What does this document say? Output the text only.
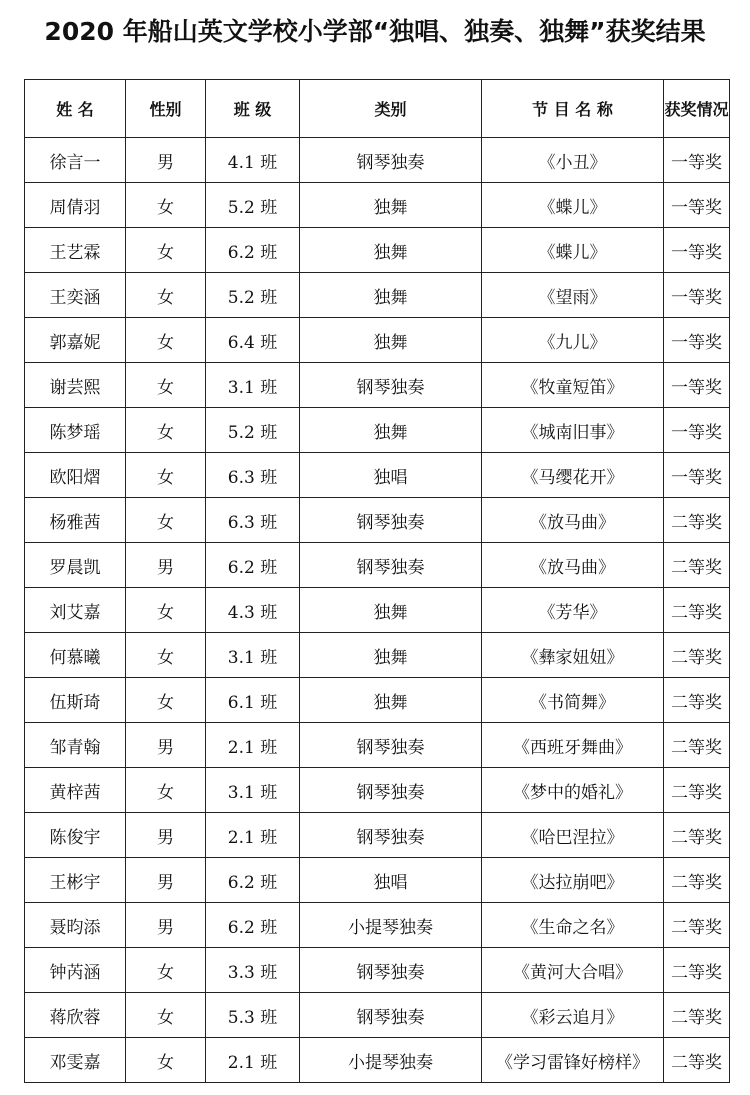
2020 年船山英文学校小学部“独唱、独奏、独舞”获奖结果
姓 名	性别	班 级	类别	节 目 名 称	获奖情况
徐言一	男	4.1 班	钢琴独奏	《小丑》	一等奖
周倩羽	女	5.2 班	独舞	《蝶儿》	一等奖
王艺霖	女	6.2 班	独舞	《蝶儿》	一等奖
王奕涵	女	5.2 班	独舞	《望雨》	一等奖
郭嘉妮	女	6.4 班	独舞	《九儿》	一等奖
谢芸熙	女	3.1 班	钢琴独奏	《牧童短笛》	一等奖
陈梦瑶	女	5.2 班	独舞	《城南旧事》	一等奖
欧阳熠	女	6.3 班	独唱	《马缨花开》	一等奖
杨雅茜	女	6.3 班	钢琴独奏	《放马曲》	二等奖
罗晨凯	男	6.2 班	钢琴独奏	《放马曲》	二等奖
刘艾嘉	女	4.3 班	独舞	《芳华》	二等奖
何慕曦	女	3.1 班	独舞	《彝家妞妞》	二等奖
伍斯琦	女	6.1 班	独舞	《书简舞》	二等奖
邹青翰	男	2.1 班	钢琴独奏	《西班牙舞曲》	二等奖
黄梓茜	女	3.1 班	钢琴独奏	《梦中的婚礼》	二等奖
陈俊宇	男	2.1 班	钢琴独奏	《哈巴涅拉》	二等奖
王彬宇	男	6.2 班	独唱	《达拉崩吧》	二等奖
聂昀添	男	6.2 班	小提琴独奏	《生命之名》	二等奖
钟芮涵	女	3.3 班	钢琴独奏	《黄河大合唱》	二等奖
蒋欣蓉	女	5.3 班	钢琴独奏	《彩云追月》	二等奖
邓雯嘉	女	2.1 班	小提琴独奏	《学习雷锋好榜样》	二等奖
